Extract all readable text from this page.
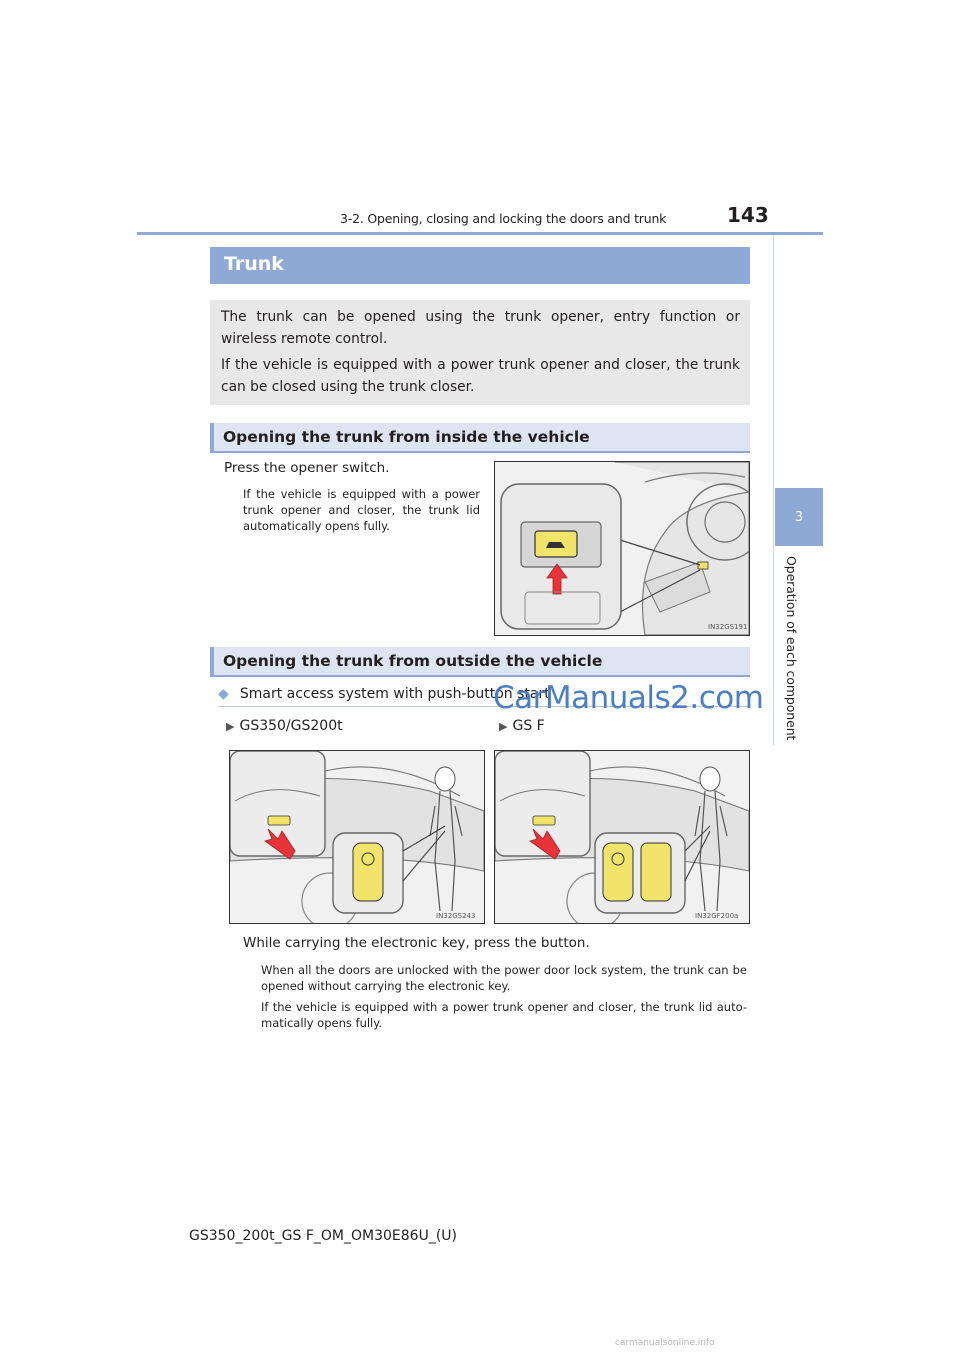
3-2. Opening, closing and locking the doors and trunk	143
3
Operation of each component
Trunk
The trunk can be opened using the trunk opener, entry function or wireless remote control.
If the vehicle is equipped with a power trunk opener and closer, the trunk can be closed using the trunk closer.
Opening the trunk from inside the vehicle
Press the opener switch.
If the vehicle is equipped with a power trunk opener and closer, the trunk lid automatically opens fully.
IN32GS191
Opening the trunk from outside the vehicle
◆ Smart access system with push-button start
CarManuals2.com
▶ GS350/GS200t	▶ GS F
IN32GS243	IN32GF200a
While carrying the electronic key, press the button.
When all the doors are unlocked with the power door lock system, the trunk can be opened without carrying the electronic key.
If the vehicle is equipped with a power trunk opener and closer, the trunk lid auto-matically opens fully.
GS350_200t_GS F_OM_OM30E86U_(U)
carmanualsonline.info
